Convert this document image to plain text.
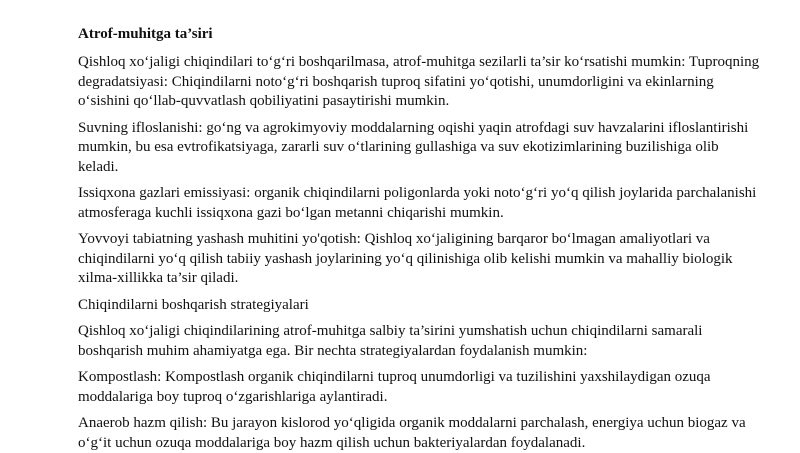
Atrof-muhitga ta’siri

Qishloq xo‘jaligi chiqindilari to‘g‘ri boshqarilmasa, atrof-muhitga sezilarli ta’sir ko‘rsatishi mumkin: Tuproqning degradatsiyasi: Chiqindilarni noto‘g‘ri boshqarish tuproq sifatini yo‘qotishi, unumdorligini va ekinlarning o‘sishini qo‘llab-quvvatlash qobiliyatini pasaytirishi mumkin.

Suvning ifloslanishi: go‘ng va agrokimyoviy moddalarning oqishi yaqin atrofdagi suv havzalarini ifloslantirishi mumkin, bu esa evtrofikatsiyaga, zararli suv o‘tlarining gullashiga va suv ekotizimlarining buzilishiga olib keladi.

Issiqxona gazlari emissiyasi: organik chiqindilarni poligonlarda yoki noto‘g‘ri yo‘q qilish joylarida parchalanishi atmosferaga kuchli issiqxona gazi bo‘lgan metanni chiqarishi mumkin.

Yovvoyi tabiatning yashash muhitini yo'qotish: Qishloq xo‘jaligining barqaror bo‘lmagan amaliyotlari va chiqindilarni yo‘q qilish tabiiy yashash joylarining yo‘q qilinishiga olib kelishi mumkin va mahalliy biologik xilma-xillikka ta’sir qiladi.

Chiqindilarni boshqarish strategiyalari

Qishloq xo‘jaligi chiqindilarining atrof-muhitga salbiy ta’sirini yumshatish uchun chiqindilarni samarali boshqarish muhim ahamiyatga ega. Bir nechta strategiyalardan foydalanish mumkin:

Kompostlash: Kompostlash organik chiqindilarni tuproq unumdorligi va tuzilishini yaxshilaydigan ozuqa moddalariga boy tuproq o‘zgarishlariga aylantiradi.

Anaerob hazm qilish: Bu jarayon kislorod yo‘qligida organik moddalarni parchalash, energiya uchun biogaz va o‘g‘it uchun ozuqa moddalariga boy hazm qilish uchun bakteriyalardan foydalanadi.
